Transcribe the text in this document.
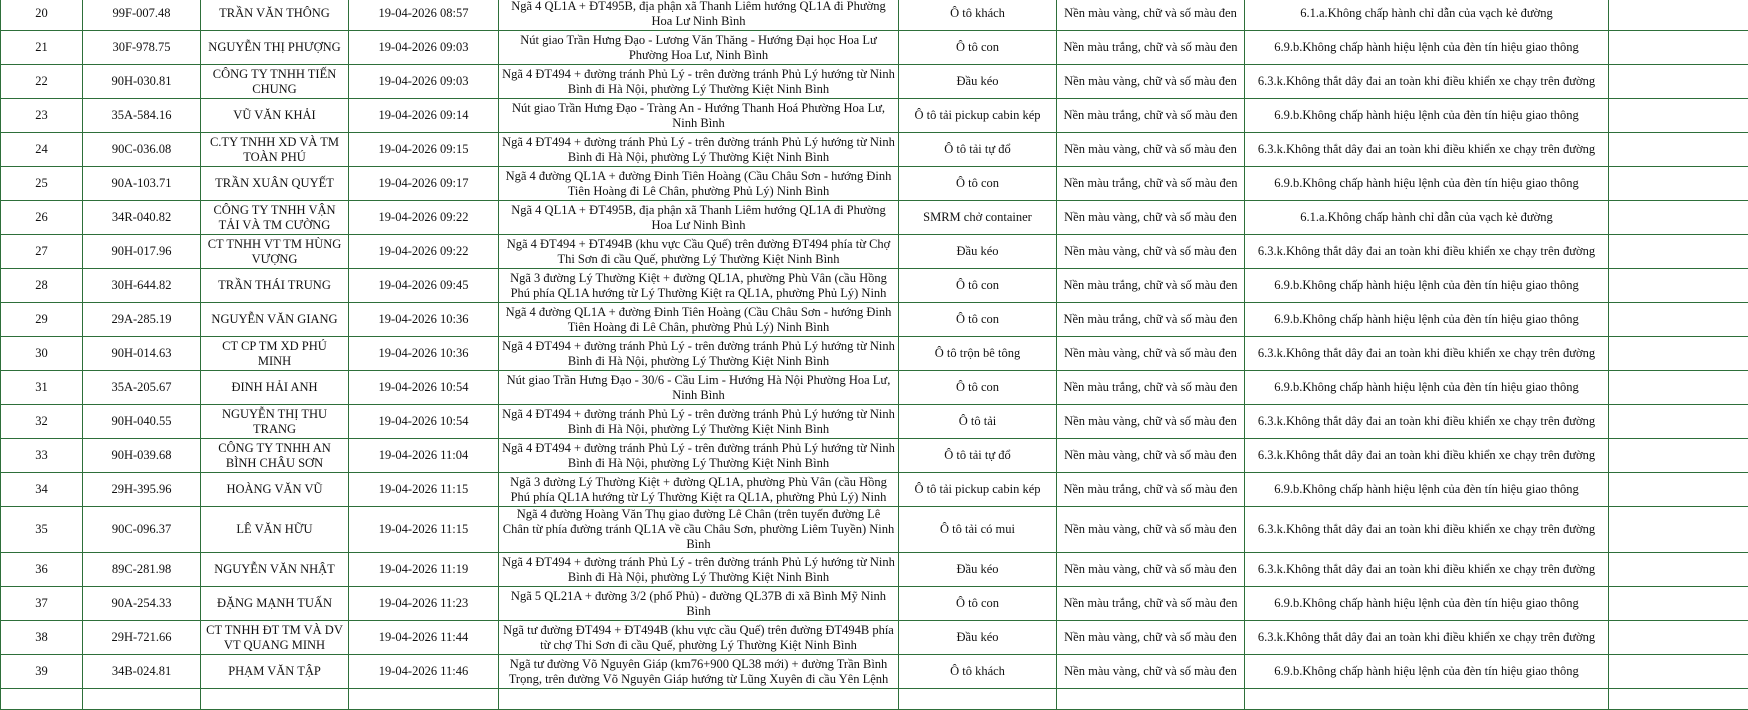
20	99F-007.48	TRẦN VĂN THÔNG	19-04-2026 08:57	Ngã 4 QL1A + ĐT495B, địa phận xã Thanh Liêm hướng QL1A đi Phường Hoa Lư Ninh Bình	Ô tô khách	Nền màu vàng, chữ và số màu đen	6.1.a.Không chấp hành chỉ dẫn của vạch kẻ đường	
21	30F-978.75	NGUYỄN THỊ PHƯỢNG	19-04-2026 09:03	Nút giao Trần Hưng Đạo - Lương Văn Thăng - Hướng Đại học Hoa Lư Phường Hoa Lư, Ninh Bình	Ô tô con	Nền màu trắng, chữ và số màu đen	6.9.b.Không chấp hành hiệu lệnh của đèn tín hiệu giao thông	
22	90H-030.81	CÔNG TY TNHH TIẾN CHUNG	19-04-2026 09:03	Ngã 4 ĐT494 + đường tránh Phủ Lý - trên đường tránh Phủ Lý hướng từ Ninh Bình đi Hà Nội, phường Lý Thường Kiệt Ninh Bình	Đầu kéo	Nền màu vàng, chữ và số màu đen	6.3.k.Không thắt dây đai an toàn khi điều khiển xe chạy trên đường	
23	35A-584.16	VŨ VĂN KHẢI	19-04-2026 09:14	Nút giao Trần Hưng Đạo - Tràng An - Hướng Thanh Hoá Phường Hoa Lư, Ninh Bình	Ô tô tải pickup cabin kép	Nền màu trắng, chữ và số màu đen	6.9.b.Không chấp hành hiệu lệnh của đèn tín hiệu giao thông	
24	90C-036.08	C.TY TNHH XD VÀ TM TOÀN PHÚ	19-04-2026 09:15	Ngã 4 ĐT494 + đường tránh Phủ Lý - trên đường tránh Phủ Lý hướng từ Ninh Bình đi Hà Nội, phường Lý Thường Kiệt Ninh Bình	Ô tô tải tự đổ	Nền màu vàng, chữ và số màu đen	6.3.k.Không thắt dây đai an toàn khi điều khiển xe chạy trên đường	
25	90A-103.71	TRẦN XUÂN QUYẾT	19-04-2026 09:17	Ngã 4 đường QL1A + đường Đinh Tiên Hoàng (Cầu Châu Sơn - hướng Đinh Tiên Hoàng đi Lê Chân, phường Phủ Lý) Ninh Bình	Ô tô con	Nền màu trắng, chữ và số màu đen	6.9.b.Không chấp hành hiệu lệnh của đèn tín hiệu giao thông	
26	34R-040.82	CÔNG TY TNHH VẬN TẢI VÀ TM CƯỜNG	19-04-2026 09:22	Ngã 4 QL1A + ĐT495B, địa phận xã Thanh Liêm hướng QL1A đi Phường Hoa Lư Ninh Bình	SMRM chở container	Nền màu vàng, chữ và số màu đen	6.1.a.Không chấp hành chỉ dẫn của vạch kẻ đường	
27	90H-017.96	CT TNHH VT TM HÙNG VƯỢNG	19-04-2026 09:22	Ngã 4 ĐT494 + ĐT494B (khu vực Cầu Quế) trên đường ĐT494 phía từ Chợ Thi Sơn đi cầu Quế, phường Lý Thường Kiệt Ninh Bình	Đầu kéo	Nền màu vàng, chữ và số màu đen	6.3.k.Không thắt dây đai an toàn khi điều khiển xe chạy trên đường	
28	30H-644.82	TRẦN THÁI TRUNG	19-04-2026 09:45	Ngã 3 đường Lý Thường Kiệt + đường QL1A, phường Phù Vân (cầu Hồng Phú phía QL1A hướng từ Lý Thường Kiệt ra QL1A, phường Phủ Lý) Ninh	Ô tô con	Nền màu trắng, chữ và số màu đen	6.9.b.Không chấp hành hiệu lệnh của đèn tín hiệu giao thông	
29	29A-285.19	NGUYỄN VĂN GIANG	19-04-2026 10:36	Ngã 4 đường QL1A + đường Đinh Tiên Hoàng (Cầu Châu Sơn - hướng Đinh Tiên Hoàng đi Lê Chân, phường Phủ Lý) Ninh Bình	Ô tô con	Nền màu trắng, chữ và số màu đen	6.9.b.Không chấp hành hiệu lệnh của đèn tín hiệu giao thông	
30	90H-014.63	CT CP TM XD PHÚ MINH	19-04-2026 10:36	Ngã 4 ĐT494 + đường tránh Phủ Lý - trên đường tránh Phủ Lý hướng từ Ninh Bình đi Hà Nội, phường Lý Thường Kiệt Ninh Bình	Ô tô trộn bê tông	Nền màu vàng, chữ và số màu đen	6.3.k.Không thắt dây đai an toàn khi điều khiển xe chạy trên đường	
31	35A-205.67	ĐINH HẢI ANH	19-04-2026 10:54	Nút giao Trần Hưng Đạo - 30/6 - Cầu Lim - Hướng Hà Nội Phường Hoa Lư, Ninh Bình	Ô tô con	Nền màu trắng, chữ và số màu đen	6.9.b.Không chấp hành hiệu lệnh của đèn tín hiệu giao thông	
32	90H-040.55	NGUYỄN THỊ THU TRANG	19-04-2026 10:54	Ngã 4 ĐT494 + đường tránh Phủ Lý - trên đường tránh Phủ Lý hướng từ Ninh Bình đi Hà Nội, phường Lý Thường Kiệt Ninh Bình	Ô tô tải	Nền màu vàng, chữ và số màu đen	6.3.k.Không thắt dây đai an toàn khi điều khiển xe chạy trên đường	
33	90H-039.68	CÔNG TY TNHH AN BÌNH CHÂU SƠN	19-04-2026 11:04	Ngã 4 ĐT494 + đường tránh Phủ Lý - trên đường tránh Phủ Lý hướng từ Ninh Bình đi Hà Nội, phường Lý Thường Kiệt Ninh Bình	Ô tô tải tự đổ	Nền màu vàng, chữ và số màu đen	6.3.k.Không thắt dây đai an toàn khi điều khiển xe chạy trên đường	
34	29H-395.96	HOÀNG VĂN VŨ	19-04-2026 11:15	Ngã 3 đường Lý Thường Kiệt + đường QL1A, phường Phù Vân (cầu Hồng Phú phía QL1A hướng từ Lý Thường Kiệt ra QL1A, phường Phủ Lý) Ninh	Ô tô tải pickup cabin kép	Nền màu trắng, chữ và số màu đen	6.9.b.Không chấp hành hiệu lệnh của đèn tín hiệu giao thông	
35	90C-096.37	LÊ VĂN HỮU	19-04-2026 11:15	Ngã 4 đường Hoàng Văn Thụ giao đường Lê Chân (trên tuyến đường Lê Chân từ phía đường tránh QL1A về cầu Châu Sơn, phường Liêm Tuyền) Ninh Bình	Ô tô tải có mui	Nền màu vàng, chữ và số màu đen	6.3.k.Không thắt dây đai an toàn khi điều khiển xe chạy trên đường	
36	89C-281.98	NGUYỄN VĂN NHẬT	19-04-2026 11:19	Ngã 4 ĐT494 + đường tránh Phủ Lý - trên đường tránh Phủ Lý hướng từ Ninh Bình đi Hà Nội, phường Lý Thường Kiệt Ninh Bình	Đầu kéo	Nền màu vàng, chữ và số màu đen	6.3.k.Không thắt dây đai an toàn khi điều khiển xe chạy trên đường	
37	90A-254.33	ĐẶNG MẠNH TUẤN	19-04-2026 11:23	Ngã 5 QL21A + đường 3/2 (phố Phủ) - đường QL37B đi xã Bình Mỹ Ninh Bình	Ô tô con	Nền màu trắng, chữ và số màu đen	6.9.b.Không chấp hành hiệu lệnh của đèn tín hiệu giao thông	
38	29H-721.66	CT TNHH ĐT TM VÀ DV VT QUANG MINH	19-04-2026 11:44	Ngã tư đường ĐT494 + ĐT494B (khu vực cầu Quế) trên đường ĐT494B phía từ chợ Thi Sơn đi cầu Quế, phường Lý Thường Kiệt Ninh Bình	Đầu kéo	Nền màu vàng, chữ và số màu đen	6.3.k.Không thắt dây đai an toàn khi điều khiển xe chạy trên đường	
39	34B-024.81	PHẠM VĂN TẬP	19-04-2026 11:46	Ngã tư đường Võ Nguyên Giáp (km76+900 QL38 mới) + đường Trần Bình Trọng, trên đường Võ Nguyên Giáp hướng từ Lũng Xuyên đi cầu Yên Lệnh	Ô tô khách	Nền màu vàng, chữ và số màu đen	6.9.b.Không chấp hành hiệu lệnh của đèn tín hiệu giao thông	
